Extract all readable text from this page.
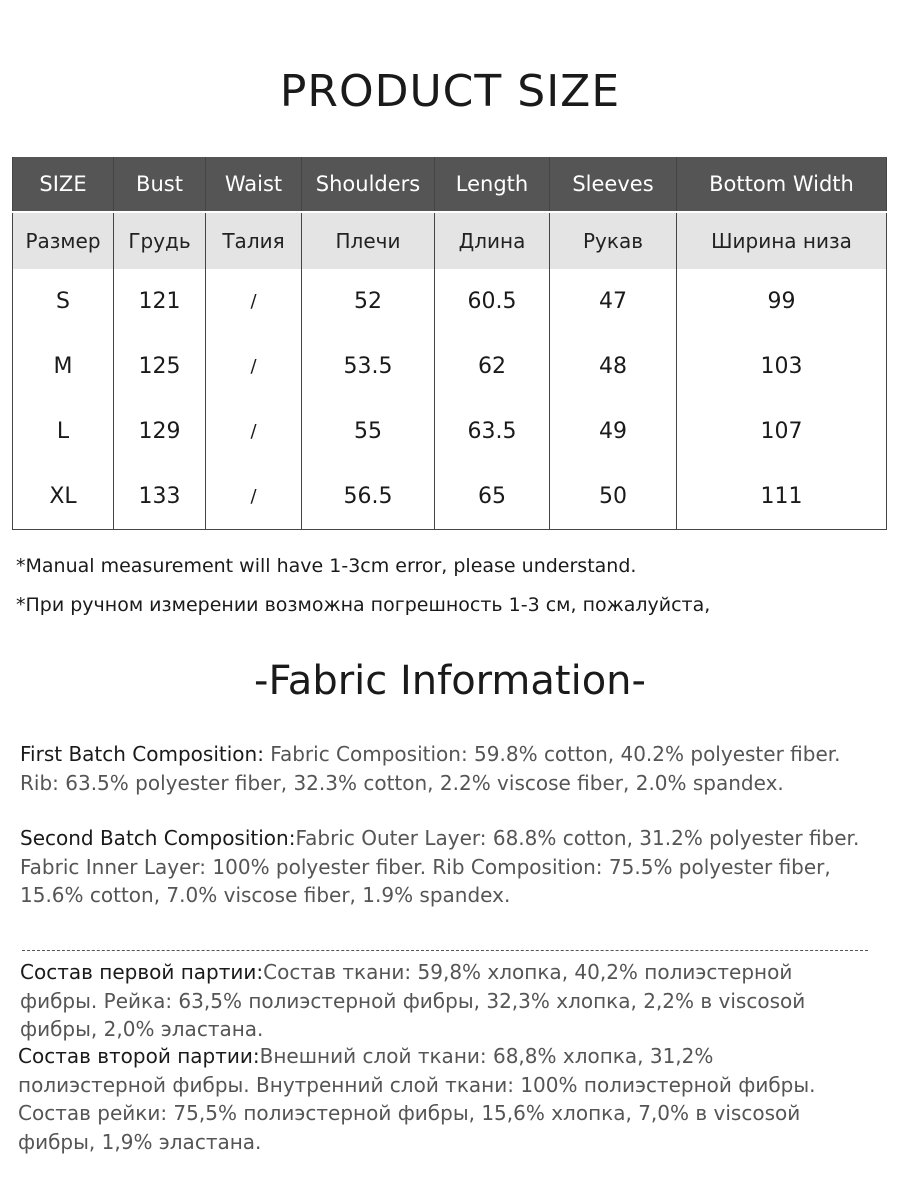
PRODUCT SIZE
SIZE	Bust	Waist	Shoulders	Length	Sleeves	Bottom Width
Размер	Грудь	Талия	Плечи	Длина	Рукав	Ширина низа
S	121	/	52	60.5	47	99
M	125	/	53.5	62	48	103
L	129	/	55	63.5	49	107
XL	133	/	56.5	65	50	111
*Manual measurement will have 1-3cm error, please understand.
*При ручном измерении возможна погрешность 1-3 см, пожалуйста,
-Fabric Information-
First Batch Composition: Fabric Composition: 59.8% cotton, 40.2% polyester fiber. Rib: 63.5% polyester fiber, 32.3% cotton, 2.2% viscose fiber, 2.0% spandex.
Second Batch Composition:Fabric Outer Layer: 68.8% cotton, 31.2% polyester fiber. Fabric Inner Layer: 100% polyester fiber. Rib Composition: 75.5% polyester fiber, 15.6% cotton, 7.0% viscose fiber, 1.9% spandex.
Состав первой партии:Состав ткани: 59,8% хлопка, 40,2% полиэстерной фибры. Рейка: 63,5% полиэстерной фибры, 32,3% хлопка, 2,2% в viscosой фибры, 2,0% эластана.
Состав второй партии:Внешний слой ткани: 68,8% хлопка, 31,2% полиэстерной фибры. Внутренний слой ткани: 100% полиэстерной фибры. Состав рейки: 75,5% полиэстерной фибры, 15,6% хлопка, 7,0% в viscosой фибры, 1,9% эластана.
